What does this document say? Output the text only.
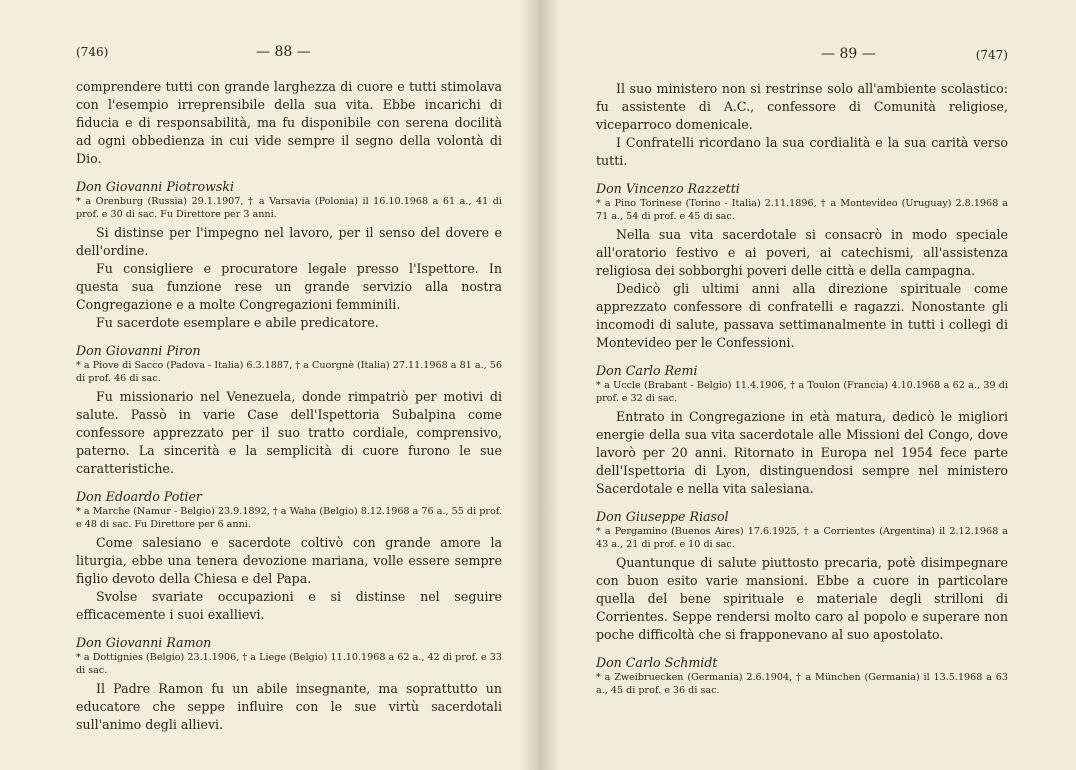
(746)	— 88 —

comprendere tutti con grande larghezza di cuore e tutti stimolava con l'esempio irreprensibile della sua vita. Ebbe incarichi di fiducia e di responsabilità, ma fu disponibile con serena docilità ad ogni obbedienza in cui vide sempre il segno della volontà di Dio.

Don Giovanni Piotrowski

* a Orenburg (Russia) 29.1.1907, † a Varsavia (Polonia) il 16.10.1968 a 61 a., 41 di prof. e 30 di sac. Fu Direttore per 3 anni.

Si distinse per l'impegno nel lavoro, per il senso del dovere e dell'ordine.

Fu consigliere e procuratore legale presso l'Ispettore. In questa sua funzione rese un grande servizio alla nostra Congregazione e a molte Congregazioni femminili.

Fu sacerdote esemplare e abile predicatore.

Don Giovanni Piron

* a Piove di Sacco (Padova - Italia) 6.3.1887, † a Cuorgnè (Italia) 27.11.1968 a 81 a., 56 di prof. 46 di sac.

Fu missionario nel Venezuela, donde rimpatriò per motivi di salute. Passò in varie Case dell'Ispettoria Subalpina come confessore apprezzato per il suo tratto cordiale, comprensivo, paterno. La sincerità e la semplicità di cuore furono le sue caratteristiche.

Don Edoardo Potier

* a Marche (Namur - Belgio) 23.9.1892, † a Waha (Belgio) 8.12.1968 a 76 a., 55 di prof. e 48 di sac. Fu Direttore per 6 anni.

Come salesiano e sacerdote coltivò con grande amore la liturgia, ebbe una tenera devozione mariana, volle essere sempre figlio devoto della Chiesa e del Papa.

Svolse svariate occupazioni e si distinse nel seguire efficacemente i suoi exallievi.

Don Giovanni Ramon

* a Dottignies (Belgio) 23.1.1906, † a Liege (Belgio) 11.10.1968 a 62 a., 42 di prof. e 33 di sac.

Il Padre Ramon fu un abile insegnante, ma soprattutto un educatore che seppe influire con le sue virtù sacerdotali sull'animo degli allievi.

— 89 —	(747)

Il suo ministero non si restrinse solo all'ambiente scolastico: fu assistente di A.C., confessore di Comunità religiose, viceparroco domenicale.

I Confratelli ricordano la sua cordialità e la sua carità verso tutti.

Don Vincenzo Razzetti

* a Pino Torinese (Torino - Italia) 2.11.1896, † a Montevideo (Uruguay) 2.8.1968 a 71 a., 54 di prof. e 45 di sac.

Nella sua vita sacerdotale si consacrò in modo speciale all'oratorio festivo e ai poveri, ai catechismi, all'assistenza religiosa dei sobborghi poveri delle città e della campagna.

Dedicò gli ultimi anni alla direzione spirituale come apprezzato confessore di confratelli e ragazzi. Nonostante gli incomodi di salute, passava settimanalmente in tutti i collegi di Montevideo per le Confessioni.

Don Carlo Remi

* a Uccle (Brabant - Belgio) 11.4.1906, † a Toulon (Francia) 4.10.1968 a 62 a., 39 di prof. e 32 di sac.

Entrato in Congregazione in età matura, dedicò le migliori energie della sua vita sacerdotale alle Missioni del Congo, dove lavorò per 20 anni. Ritornato in Europa nel 1954 fece parte dell'Ispettoria di Lyon, distinguendosi sempre nel ministero Sacerdotale e nella vita salesiana.

Don Giuseppe Riasol

* a Pergamino (Buenos Aires) 17.6.1925, † a Corrientes (Argentina) il 2.12.1968 a 43 a., 21 di prof. e 10 di sac.

Quantunque di salute piuttosto precaria, potè disimpegnare con buon esito varie mansioni. Ebbe a cuore in particolare quella del bene spirituale e materiale degli strilloni di Corrientes. Seppe rendersi molto caro al popolo e superare non poche difficoltà che si frapponevano al suo apostolato.

Don Carlo Schmidt

* a Zweibruecken (Germania) 2.6.1904, † a München (Germania) il 13.5.1968 a 63 a., 45 di prof. e 36 di sac.
